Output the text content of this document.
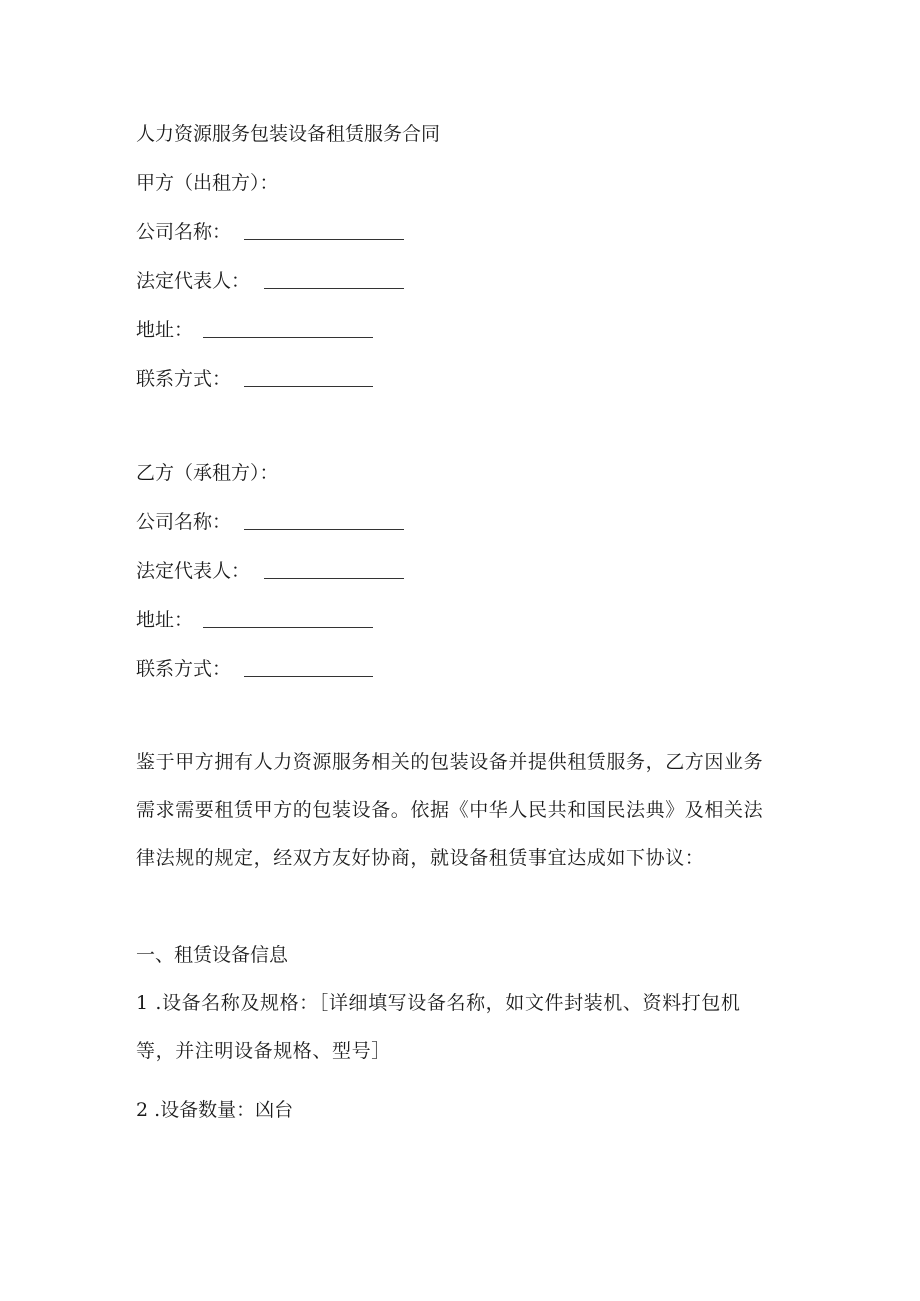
人力资源服务包装设备租赁服务合同
甲方（出租方）：
公司名称：
法定代表人：
地址：
联系方式：
乙方（承租方）：
公司名称：
法定代表人：
地址：
联系方式：
鉴于甲方拥有人力资源服务相关的包装设备并提供租赁服务，乙方因业务
需求需要租赁甲方的包装设备。依据《中华人民共和国民法典》及相关法
律法规的规定，经双方友好协商，就设备租赁事宜达成如下协议：
一、租赁设备信息
1 .设备名称及规格：［详细填写设备名称，如文件封装机、资料打包机
等，并注明设备规格、型号］
2 .设备数量：凶台
